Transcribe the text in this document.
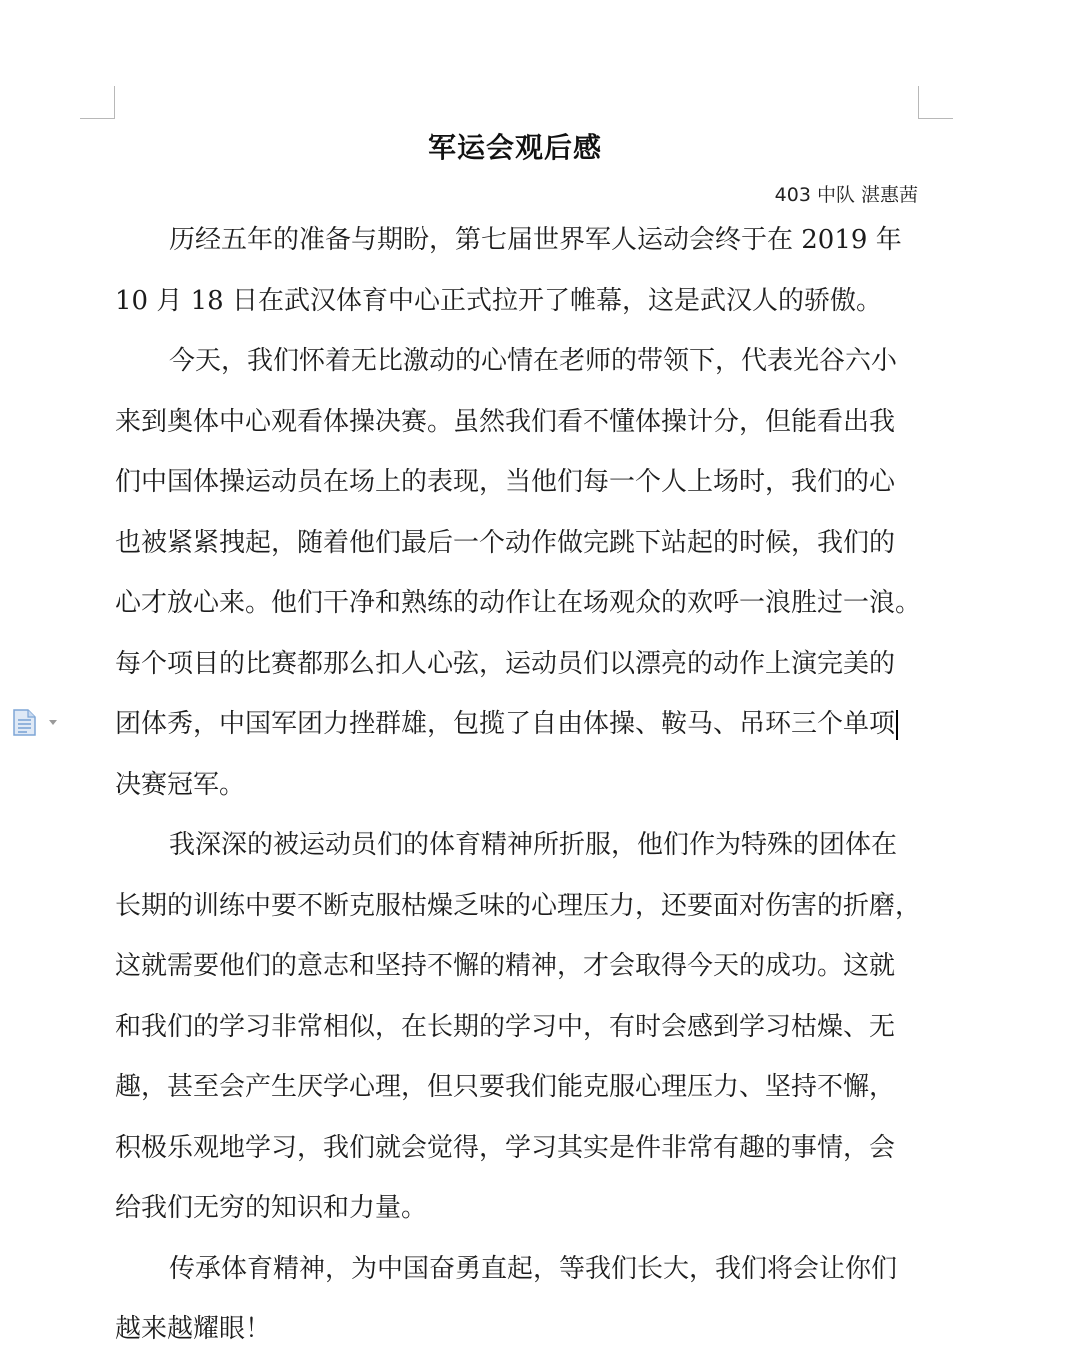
军运会观后感
403 中队 湛惠茜
历经五年的准备与期盼，第七届世界军人运动会终于在 2019 年
10 月 18 日在武汉体育中心正式拉开了帷幕，这是武汉人的骄傲。
今天，我们怀着无比激动的心情在老师的带领下，代表光谷六小
来到奥体中心观看体操决赛。虽然我们看不懂体操计分，但能看出我
们中国体操运动员在场上的表现，当他们每一个人上场时，我们的心
也被紧紧拽起，随着他们最后一个动作做完跳下站起的时候，我们的
心才放心来。他们干净和熟练的动作让在场观众的欢呼一浪胜过一浪。
每个项目的比赛都那么扣人心弦，运动员们以漂亮的动作上演完美的
团体秀，中国军团力挫群雄，包揽了自由体操、鞍马、吊环三个单项
决赛冠军。
我深深的被运动员们的体育精神所折服，他们作为特殊的团体在
长期的训练中要不断克服枯燥乏味的心理压力，还要面对伤害的折磨，
这就需要他们的意志和坚持不懈的精神，才会取得今天的成功。这就
和我们的学习非常相似，在长期的学习中，有时会感到学习枯燥、无
趣，甚至会产生厌学心理，但只要我们能克服心理压力、坚持不懈，
积极乐观地学习，我们就会觉得，学习其实是件非常有趣的事情，会
给我们无穷的知识和力量。
传承体育精神，为中国奋勇直起，等我们长大，我们将会让你们
越来越耀眼！
